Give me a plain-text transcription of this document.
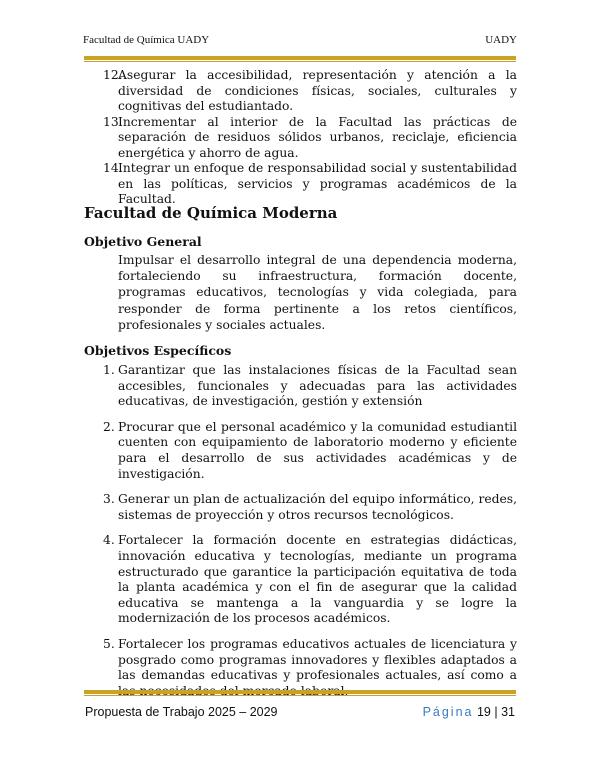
Facultad de Química UADY	UADY
12.
Asegurar la accesibilidad, representación y atención a la diversidad de condiciones físicas, sociales, culturales y cognitivas del estudiantado.
13.
Incrementar al interior de la Facultad las prácticas de separación de residuos sólidos urbanos, reciclaje, eficiencia energética y ahorro de agua.
14.
Integrar un enfoque de responsabilidad social y sustentabilidad en las políticas, servicios y programas académicos de la Facultad.
Facultad de Química Moderna
Objetivo General
Impulsar el desarrollo integral de una dependencia moderna, fortaleciendo su infraestructura, formación docente, programas educativos, tecnologías y vida colegiada, para responder de forma pertinente a los retos científicos, profesionales y sociales actuales.
Objetivos Específicos
1. Garantizar que las instalaciones físicas de la Facultad sean accesibles, funcionales y adecuadas para las actividades educativas, de investigación, gestión y extensión
2. Procurar que el personal académico y la comunidad estudiantil cuenten con equipamiento de laboratorio moderno y eficiente para el desarrollo de sus actividades académicas y de investigación.
3. Generar un plan de actualización del equipo informático, redes, sistemas de proyección y otros recursos tecnológicos.
4. Fortalecer la formación docente en estrategias didácticas, innovación educativa y tecnologías, mediante un programa estructurado que garantice la participación equitativa de toda la planta académica y con el fin de asegurar que la calidad educativa se mantenga a la vanguardia y se logre la modernización de los procesos académicos.
5. Fortalecer los programas educativos actuales de licenciatura y posgrado como programas innovadores y flexibles adaptados a las demandas educativas y profesionales actuales, así como a
Propuesta de Trabajo 2025 – 2029	Página 19 | 31
